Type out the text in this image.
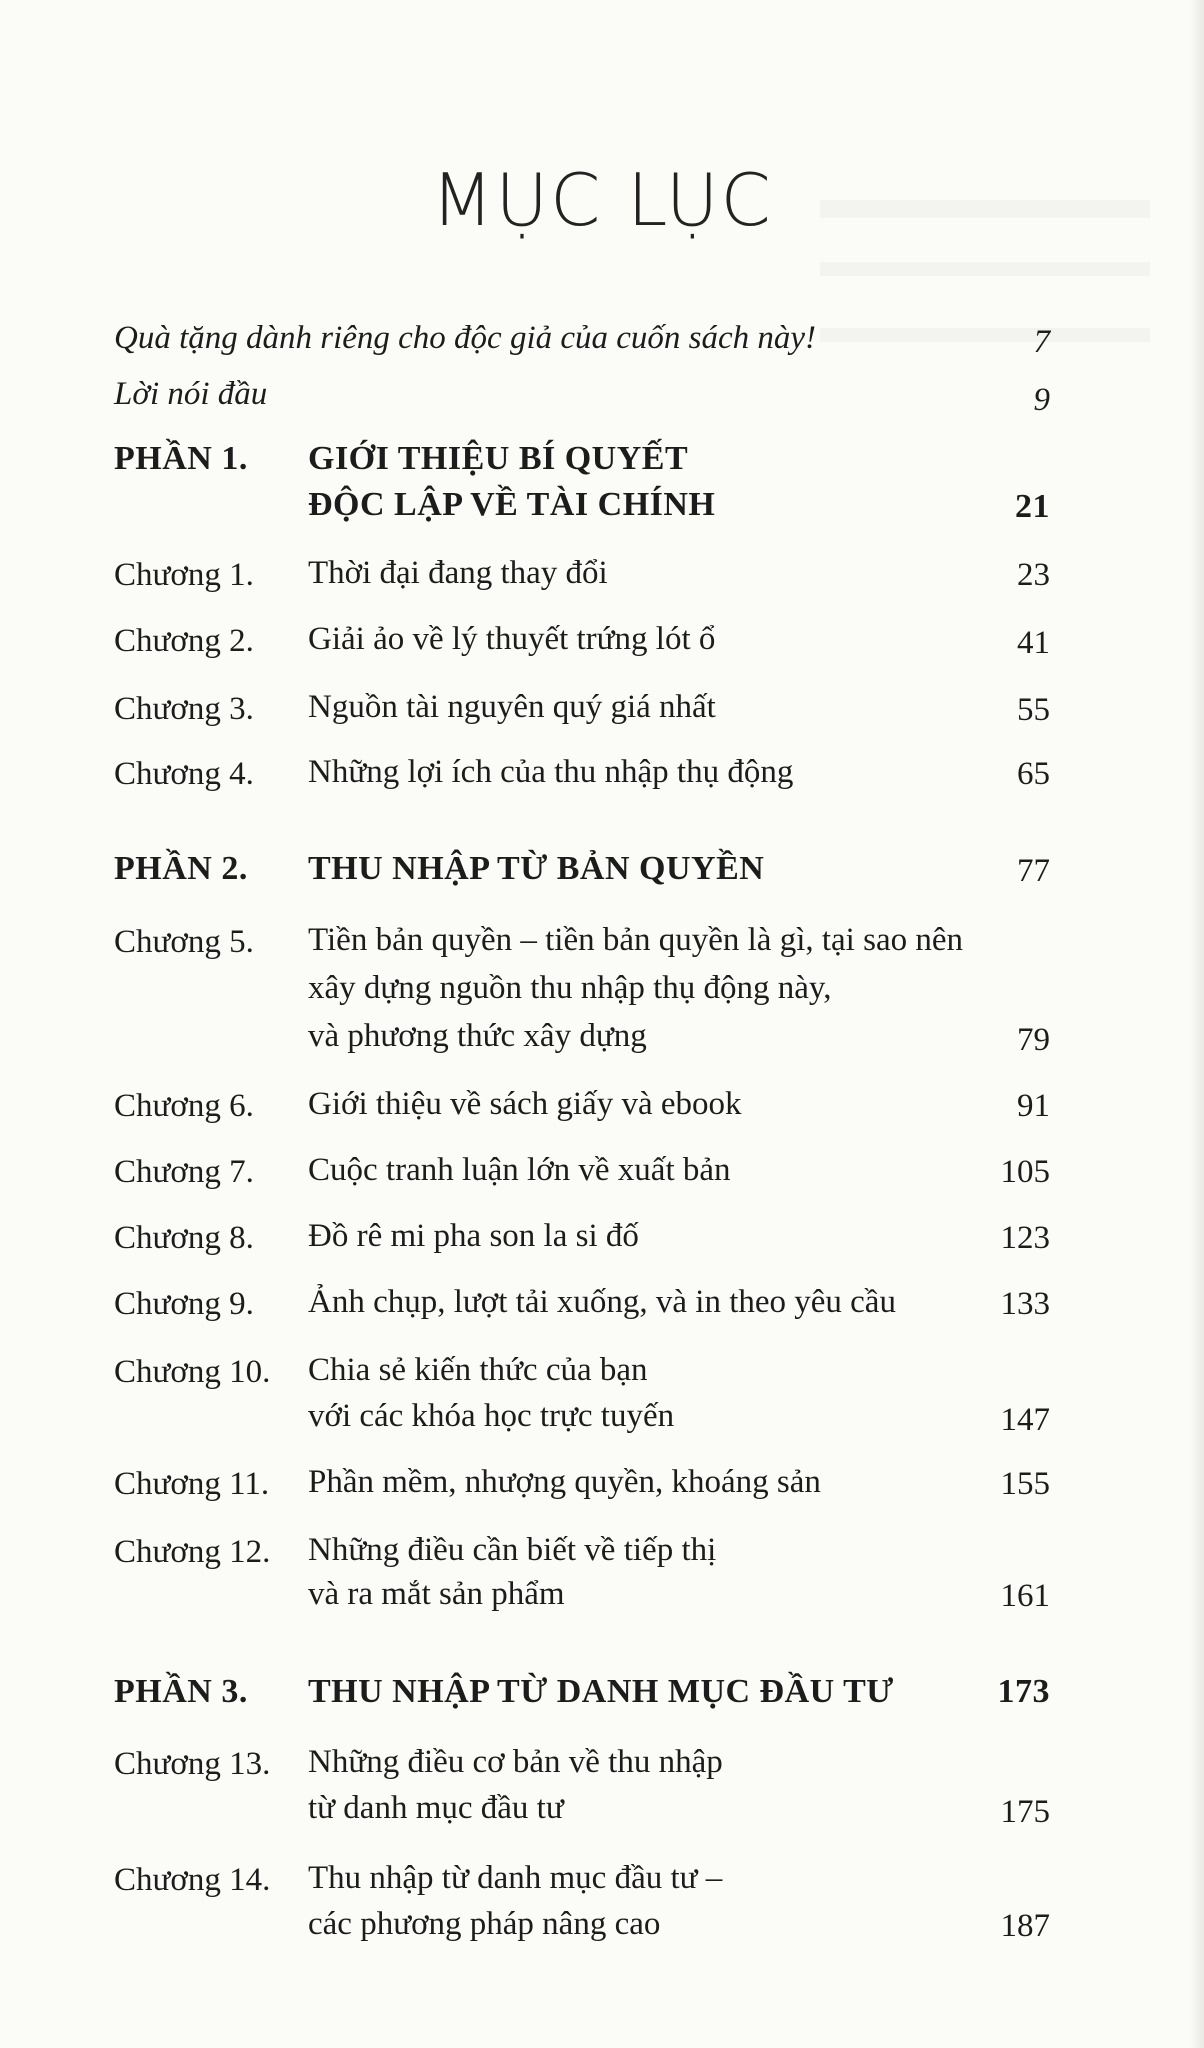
MỤC LỤC
Quà tặng dành riêng cho độc giả của cuốn sách này!	7
Lời nói đầu	9
PHẦN 1. GIỚI THIỆU BÍ QUYẾT
ĐỘC LẬP VỀ TÀI CHÍNH	21
Chương 1. Thời đại đang thay đổi	23
Chương 2. Giải ảo về lý thuyết trứng lót ổ	41
Chương 3. Nguồn tài nguyên quý giá nhất	55
Chương 4. Những lợi ích của thu nhập thụ động	65
PHẦN 2. THU NHẬP TỪ BẢN QUYỀN	77
Chương 5. Tiền bản quyền – tiền bản quyền là gì, tại sao nên
xây dựng nguồn thu nhập thụ động này,
và phương thức xây dựng	79
Chương 6. Giới thiệu về sách giấy và ebook	91
Chương 7. Cuộc tranh luận lớn về xuất bản	105
Chương 8. Đồ rê mi pha son la si đố	123
Chương 9. Ảnh chụp, lượt tải xuống, và in theo yêu cầu	133
Chương 10. Chia sẻ kiến thức của bạn
với các khóa học trực tuyến	147
Chương 11. Phần mềm, nhượng quyền, khoáng sản	155
Chương 12. Những điều cần biết về tiếp thị
và ra mắt sản phẩm	161
PHẦN 3. THU NHẬP TỪ DANH MỤC ĐẦU TƯ	173
Chương 13. Những điều cơ bản về thu nhập
từ danh mục đầu tư	175
Chương 14. Thu nhập từ danh mục đầu tư –
các phương pháp nâng cao	187
